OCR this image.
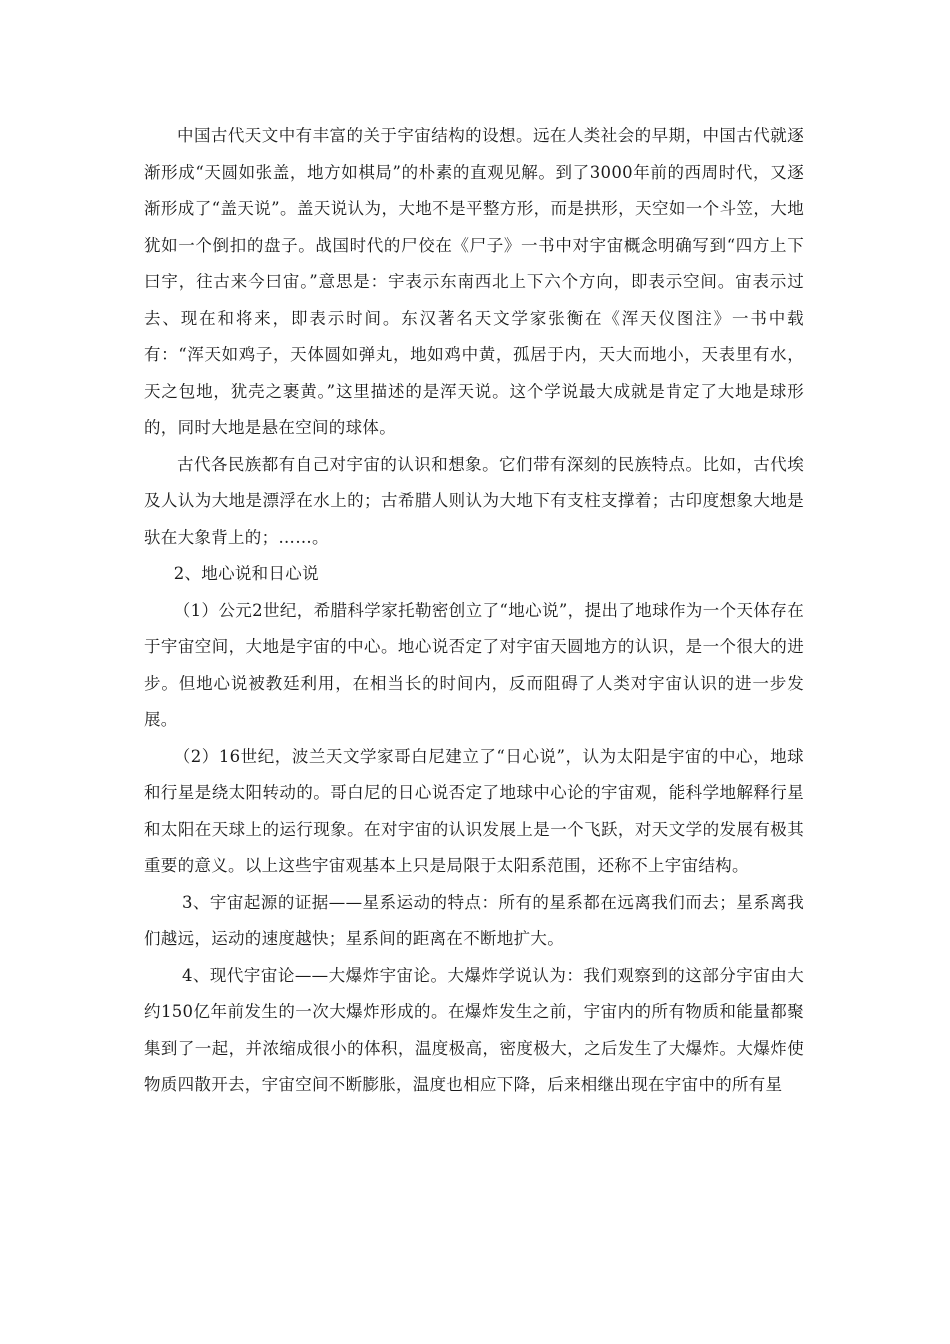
中国古代天文中有丰富的关于宇宙结构的设想。远在人类社会的早期，中国古代就逐渐形成“天圆如张盖，地方如棋局”的朴素的直观见解。到了3000年前的西周时代，又逐渐形成了“盖天说”。盖天说认为，大地不是平整方形，而是拱形，天空如一个斗笠，大地犹如一个倒扣的盘子。战国时代的尸佼在《尸子》一书中对宇宙概念明确写到“四方上下曰宇，往古来今曰宙。”意思是：宇表示东南西北上下六个方向，即表示空间。宙表示过去、现在和将来，即表示时间。东汉著名天文学家张衡在《浑天仪图注》一书中载有：“浑天如鸡子，天体圆如弹丸，地如鸡中黄，孤居于内，天大而地小，天表里有水，天之包地，犹壳之裹黄。”这里描述的是浑天说。这个学说最大成就是肯定了大地是球形的，同时大地是悬在空间的球体。

古代各民族都有自己对宇宙的认识和想象。它们带有深刻的民族特点。比如，古代埃及人认为大地是漂浮在水上的；古希腊人则认为大地下有支柱支撑着；古印度想象大地是驮在大象背上的；……。

2、地心说和日心说

（1）公元2世纪，希腊科学家托勒密创立了“地心说”，提出了地球作为一个天体存在于宇宙空间，大地是宇宙的中心。地心说否定了对宇宙天圆地方的认识，是一个很大的进步。但地心说被教廷利用，在相当长的时间内，反而阻碍了人类对宇宙认识的进一步发展。

（2）16世纪，波兰天文学家哥白尼建立了“日心说”，认为太阳是宇宙的中心，地球和行星是绕太阳转动的。哥白尼的日心说否定了地球中心论的宇宙观，能科学地解释行星和太阳在天球上的运行现象。在对宇宙的认识发展上是一个飞跃，对天文学的发展有极其重要的意义。以上这些宇宙观基本上只是局限于太阳系范围，还称不上宇宙结构。

3、宇宙起源的证据——星系运动的特点：所有的星系都在远离我们而去；星系离我们越远，运动的速度越快；星系间的距离在不断地扩大。

4、现代宇宙论——大爆炸宇宙论。大爆炸学说认为：我们观察到的这部分宇宙由大约150亿年前发生的一次大爆炸形成的。在爆炸发生之前，宇宙内的所有物质和能量都聚集到了一起，并浓缩成很小的体积，温度极高，密度极大，之后发生了大爆炸。大爆炸使物质四散开去，宇宙空间不断膨胀，温度也相应下降，后来相继出现在宇宙中的所有星
